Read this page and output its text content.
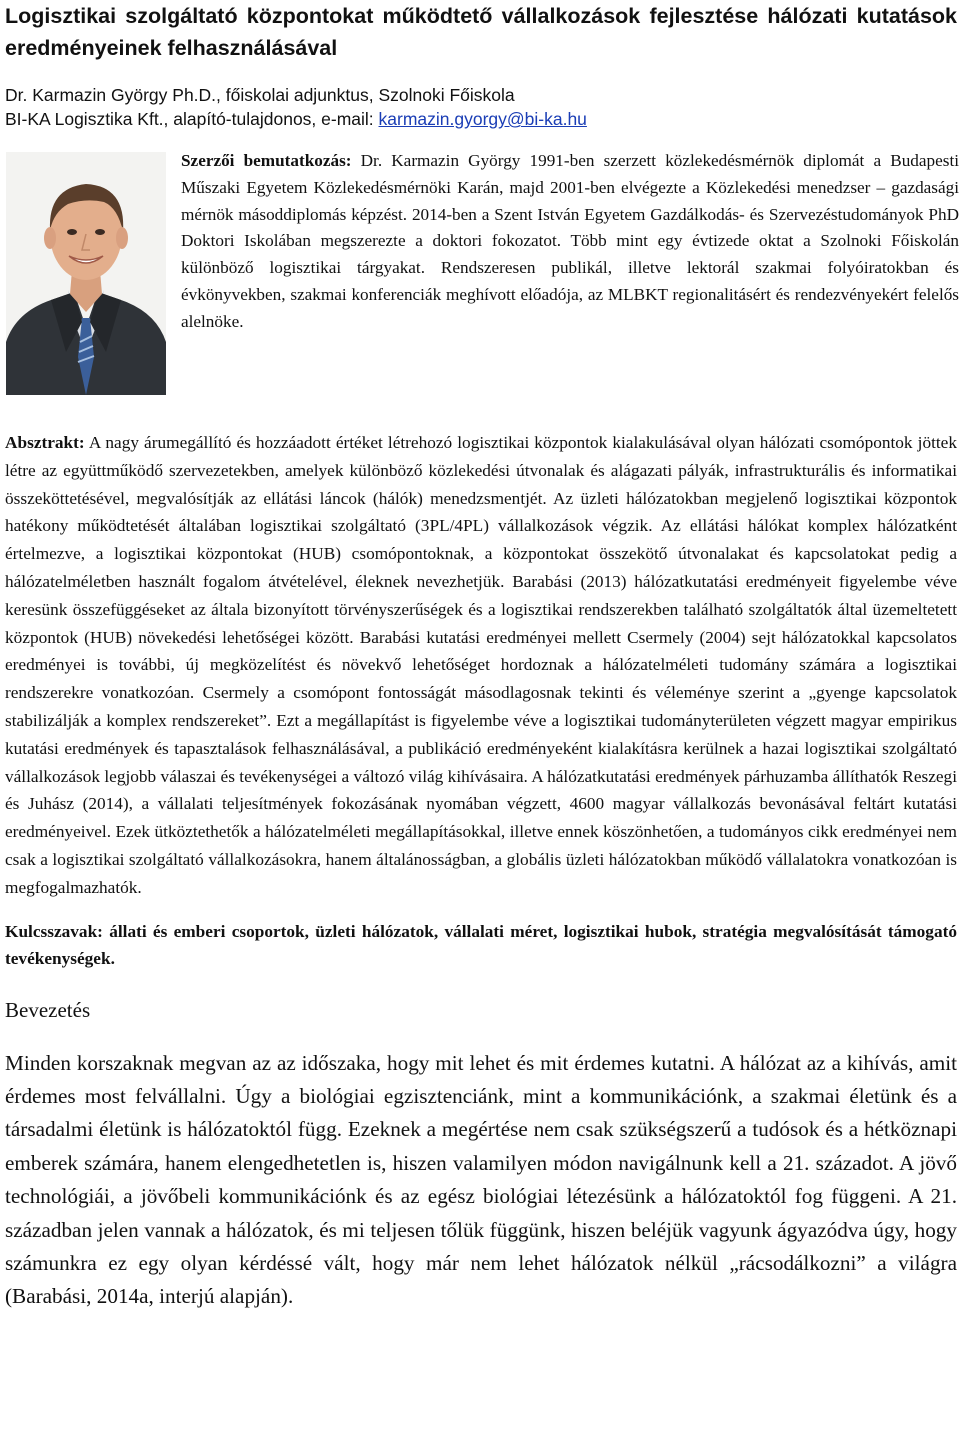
Logisztikai szolgáltató központokat működtető vállalkozások fejlesztése hálózati kutatások eredményeinek felhasználásával
Dr. Karmazin György Ph.D., főiskolai adjunktus, Szolnoki Főiskola
BI-KA Logisztika Kft., alapító-tulajdonos, e-mail: karmazin.gyorgy@bi-ka.hu
Szerzői bemutatkozás: Dr. Karmazin György 1991-ben szerzett közlekedésmérnök diplomát a Budapesti Műszaki Egyetem Közlekedésmérnöki Karán, majd 2001-ben elvégezte a Közlekedési menedzser – gazdasági mérnök másoddiplomás képzést. 2014-ben a Szent István Egyetem Gazdálkodás- és Szervezéstudományok PhD Doktori Iskolában megszerezte a doktori fokozatot. Több mint egy évtizede oktat a Szolnoki Főiskolán különböző logisztikai tárgyakat. Rendszeresen publikál, illetve lektorál szakmai folyóiratokban és évkönyvekben, szakmai konferenciák meghívott előadója, az MLBKT regionalitásért és rendezvényekért felelős alelnöke.
Absztrakt: A nagy árumegállító és hozzáadott értéket létrehozó logisztikai központok kialakulásával olyan hálózati csomópontok jöttek létre az együttműködő szervezetekben, amelyek különböző közlekedési útvonalak és alágazati pályák, infrastrukturális és informatikai összeköttetésével, megvalósítják az ellátási láncok (hálók) menedzsmentjét. Az üzleti hálózatokban megjelenő logisztikai központok hatékony működtetését általában logisztikai szolgáltató (3PL/4PL) vállalkozások végzik. Az ellátási hálókat komplex hálózatként értelmezve, a logisztikai központokat (HUB) csomópontoknak, a központokat összekötő útvonalakat és kapcsolatokat pedig a hálózatelméletben használt fogalom átvételével, éleknek nevezhetjük. Barabási (2013) hálózatkutatási eredményeit figyelembe véve keresünk összefüggéseket az általa bizonyított törvényszerűségek és a logisztikai rendszerekben található szolgáltatók által üzemeltetett központok (HUB) növekedési lehetőségei között. Barabási kutatási eredményei mellett Csermely (2004) sejt hálózatokkal kapcsolatos eredményei is további, új megközelítést és növekvő lehetőséget hordoznak a hálózatelméleti tudomány számára a logisztikai rendszerekre vonatkozóan. Csermely a csomópont fontosságát másodlagosnak tekinti és véleménye szerint a „gyenge kapcsolatok stabilizálják a komplex rendszereket”. Ezt a megállapítást is figyelembe véve a logisztikai tudományterületen végzett magyar empirikus kutatási eredmények és tapasztalások felhasználásával, a publikáció eredményeként kialakításra kerülnek a hazai logisztikai szolgáltató vállalkozások legjobb válaszai és tevékenységei a változó világ kihívásaira. A hálózatkutatási eredmények párhuzamba állíthatók Reszegi és Juhász (2014), a vállalati teljesítmények fokozásának nyomában végzett, 4600 magyar vállalkozás bevonásával feltárt kutatási eredményeivel. Ezek ütköztethetők a hálózatelméleti megállapításokkal, illetve ennek köszönhetően, a tudományos cikk eredményei nem csak a logisztikai szolgáltató vállalkozásokra, hanem általánosságban, a globális üzleti hálózatokban működő vállalatokra vonatkozóan is megfogalmazhatók.
Kulcsszavak: állati és emberi csoportok, üzleti hálózatok, vállalati méret, logisztikai hubok, stratégia megvalósítását támogató tevékenységek.
Bevezetés
Minden korszaknak megvan az az időszaka, hogy mit lehet és mit érdemes kutatni. A hálózat az a kihívás, amit érdemes most felvállalni. Úgy a biológiai egzisztenciánk, mint a kommunikációnk, a szakmai életünk és a társadalmi életünk is hálózatoktól függ. Ezeknek a megértése nem csak szükségszerű a tudósok és a hétköznapi emberek számára, hanem elengedhetetlen is, hiszen valamilyen módon navigálnunk kell a 21. századot. A jövő technológiái, a jövőbeli kommunikációnk és az egész biológiai létezésünk a hálózatoktól fog függeni. A 21. században jelen vannak a hálózatok, és mi teljesen tőlük függünk, hiszen beléjük vagyunk ágyazódva úgy, hogy számunkra ez egy olyan kérdéssé vált, hogy már nem lehet hálózatok nélkül „rácsodálkozni” a világra (Barabási, 2014a, interjú alapján).
